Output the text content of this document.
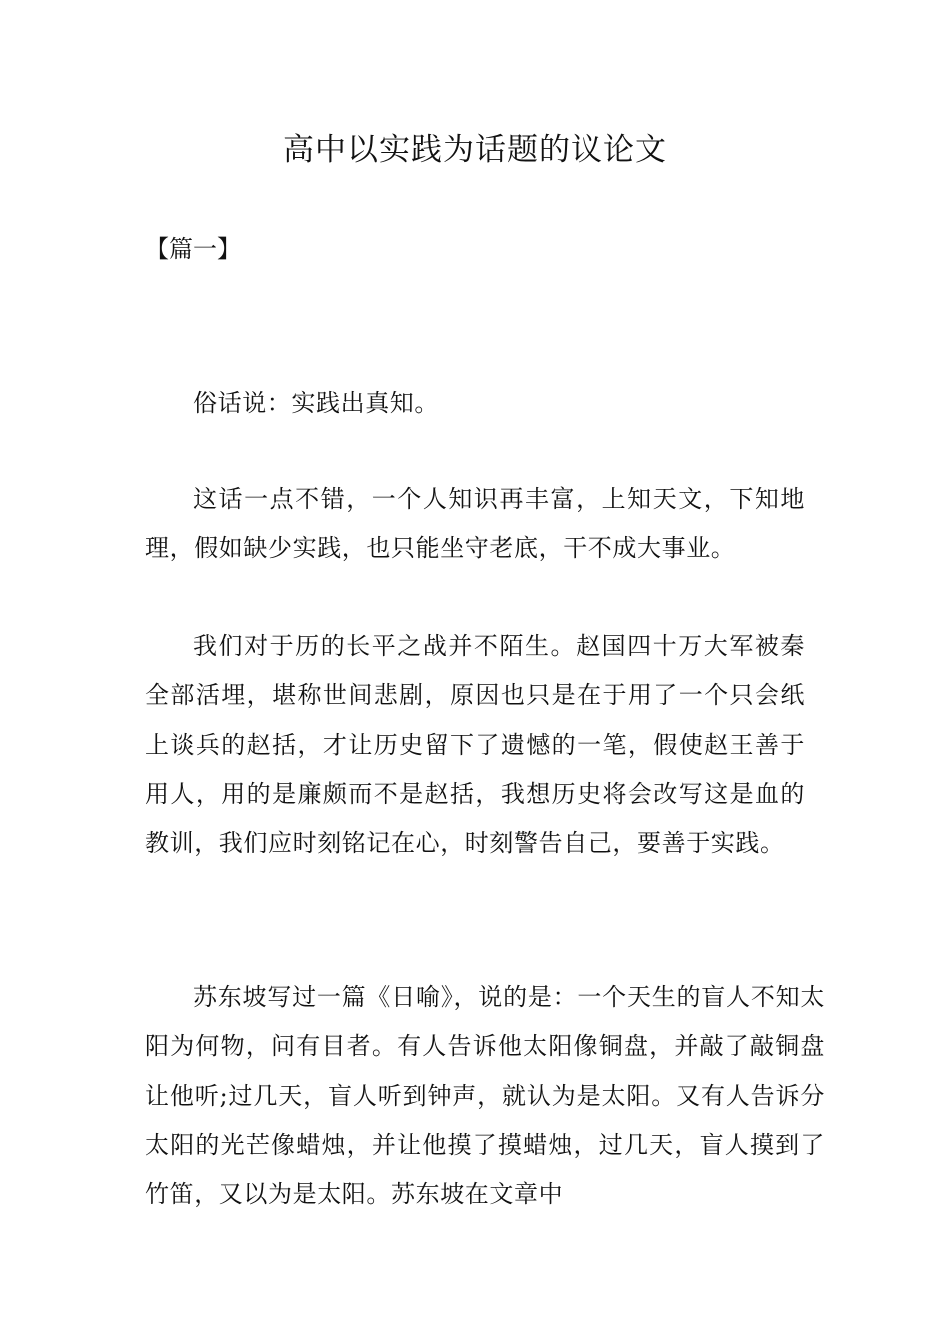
高中以实践为话题的议论文

【篇一】

俗话说：实践出真知。

这话一点不错，一个人知识再丰富，上知天文，下知地理，假如缺少实践，也只能坐守老底，干不成大事业。

我们对于历的长平之战并不陌生。赵国四十万大军被秦全部活埋，堪称世间悲剧，原因也只是在于用了一个只会纸上谈兵的赵括，才让历史留下了遗憾的一笔，假使赵王善于用人，用的是廉颇而不是赵括，我想历史将会改写这是血的教训，我们应时刻铭记在心，时刻警告自己，要善于实践。

苏东坡写过一篇《日喻》，说的是：一个天生的盲人不知太阳为何物，问有目者。有人告诉他太阳像铜盘，并敲了敲铜盘让他听;过几天，盲人听到钟声，就认为是太阳。又有人告诉分太阳的光芒像蜡烛，并让他摸了摸蜡烛，过几天，盲人摸到了竹笛，又以为是太阳。苏东坡在文章中
